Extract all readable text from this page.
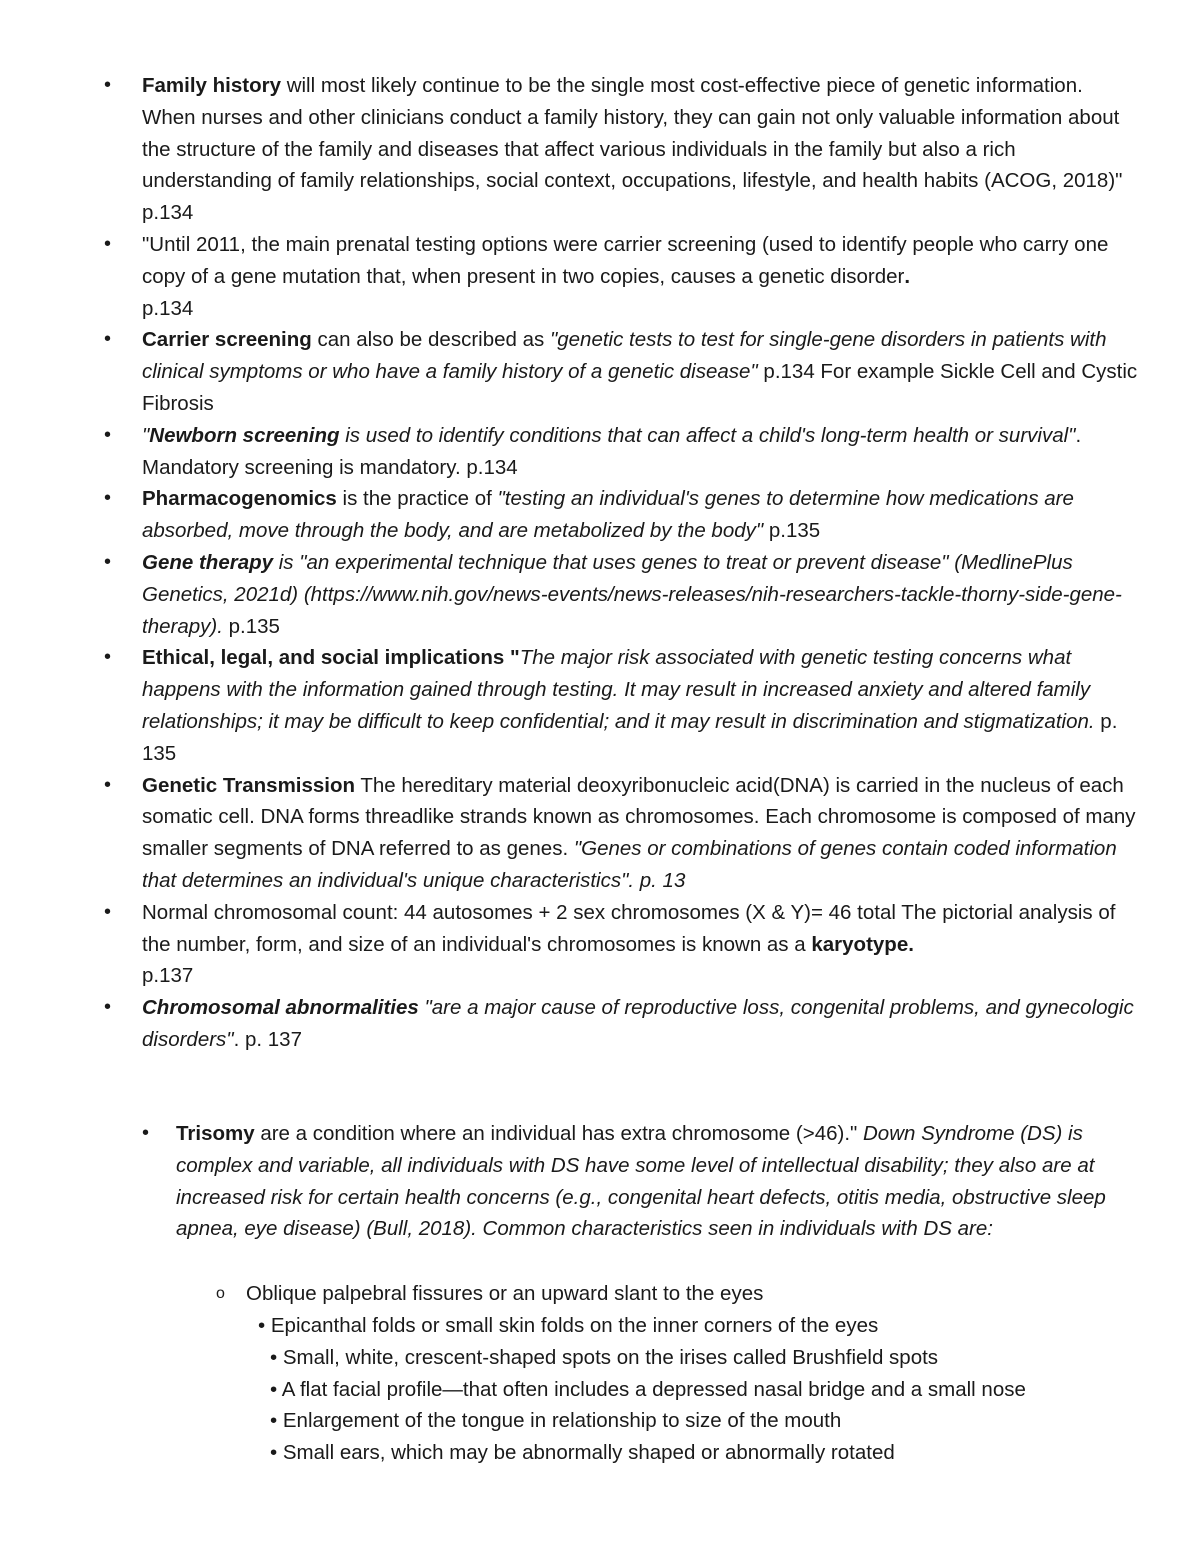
• Family history will most likely continue to be the single most cost-effective piece of genetic information. When nurses and other clinicians conduct a family history, they can gain not only valuable information about the structure of the family and diseases that affect various individuals in the family but also a rich understanding of family relationships, social context, occupations, lifestyle, and health habits (ACOG, 2018)" p.134
• "Until 2011, the main prenatal testing options were carrier screening (used to identify people who carry one copy of a gene mutation that, when present in two copies, causes a genetic disorder.
p.134
• Carrier screening can also be described as "genetic tests to test for single-gene disorders in patients with clinical symptoms or who have a family history of a genetic disease" p.134 For example Sickle Cell and Cystic Fibrosis
• "Newborn screening is used to identify conditions that can affect a child's long-term health or survival". Mandatory screening is mandatory. p.134
• Pharmacogenomics is the practice of "testing an individual's genes to determine how medications are absorbed, move through the body, and are metabolized by the body" p.135
• Gene therapy is "an experimental technique that uses genes to treat or prevent disease" (MedlinePlus Genetics, 2021d) (https://www.nih.gov/news-events/news-releases/nih-researchers-tackle-thorny-side-gene-therapy). p.135
• Ethical, legal, and social implications "The major risk associated with genetic testing concerns what happens with the information gained through testing. It may result in increased anxiety and altered family relationships; it may be difficult to keep confidential; and it may result in discrimination and stigmatization. p. 135
• Genetic Transmission The hereditary material deoxyribonucleic acid(DNA) is carried in the nucleus of each somatic cell. DNA forms threadlike strands known as chromosomes. Each chromosome is composed of many smaller segments of DNA referred to as genes. "Genes or combinations of genes contain coded information that determines an individual's unique characteristics". p. 13
• Normal chromosomal count: 44 autosomes + 2 sex chromosomes (X & Y)= 46 total The pictorial analysis of the number, form, and size of an individual's chromosomes is known as a karyotype.
p.137
• Chromosomal abnormalities "are a major cause of reproductive loss, congenital problems, and gynecologic disorders". p. 137
• Trisomy are a condition where an individual has extra chromosome (>46)." Down Syndrome (DS) is complex and variable, all individuals with DS have some level of intellectual disability; they also are at increased risk for certain health concerns (e.g., congenital heart defects, otitis media, obstructive sleep apnea, eye disease) (Bull, 2018). Common characteristics seen in individuals with DS are:
o Oblique palpebral fissures or an upward slant to the eyes
• Epicanthal folds or small skin folds on the inner corners of the eyes
• Small, white, crescent-shaped spots on the irises called Brushfield spots
• A flat facial profile—that often includes a depressed nasal bridge and a small nose
• Enlargement of the tongue in relationship to size of the mouth
• Small ears, which may be abnormally shaped or abnormally rotated
